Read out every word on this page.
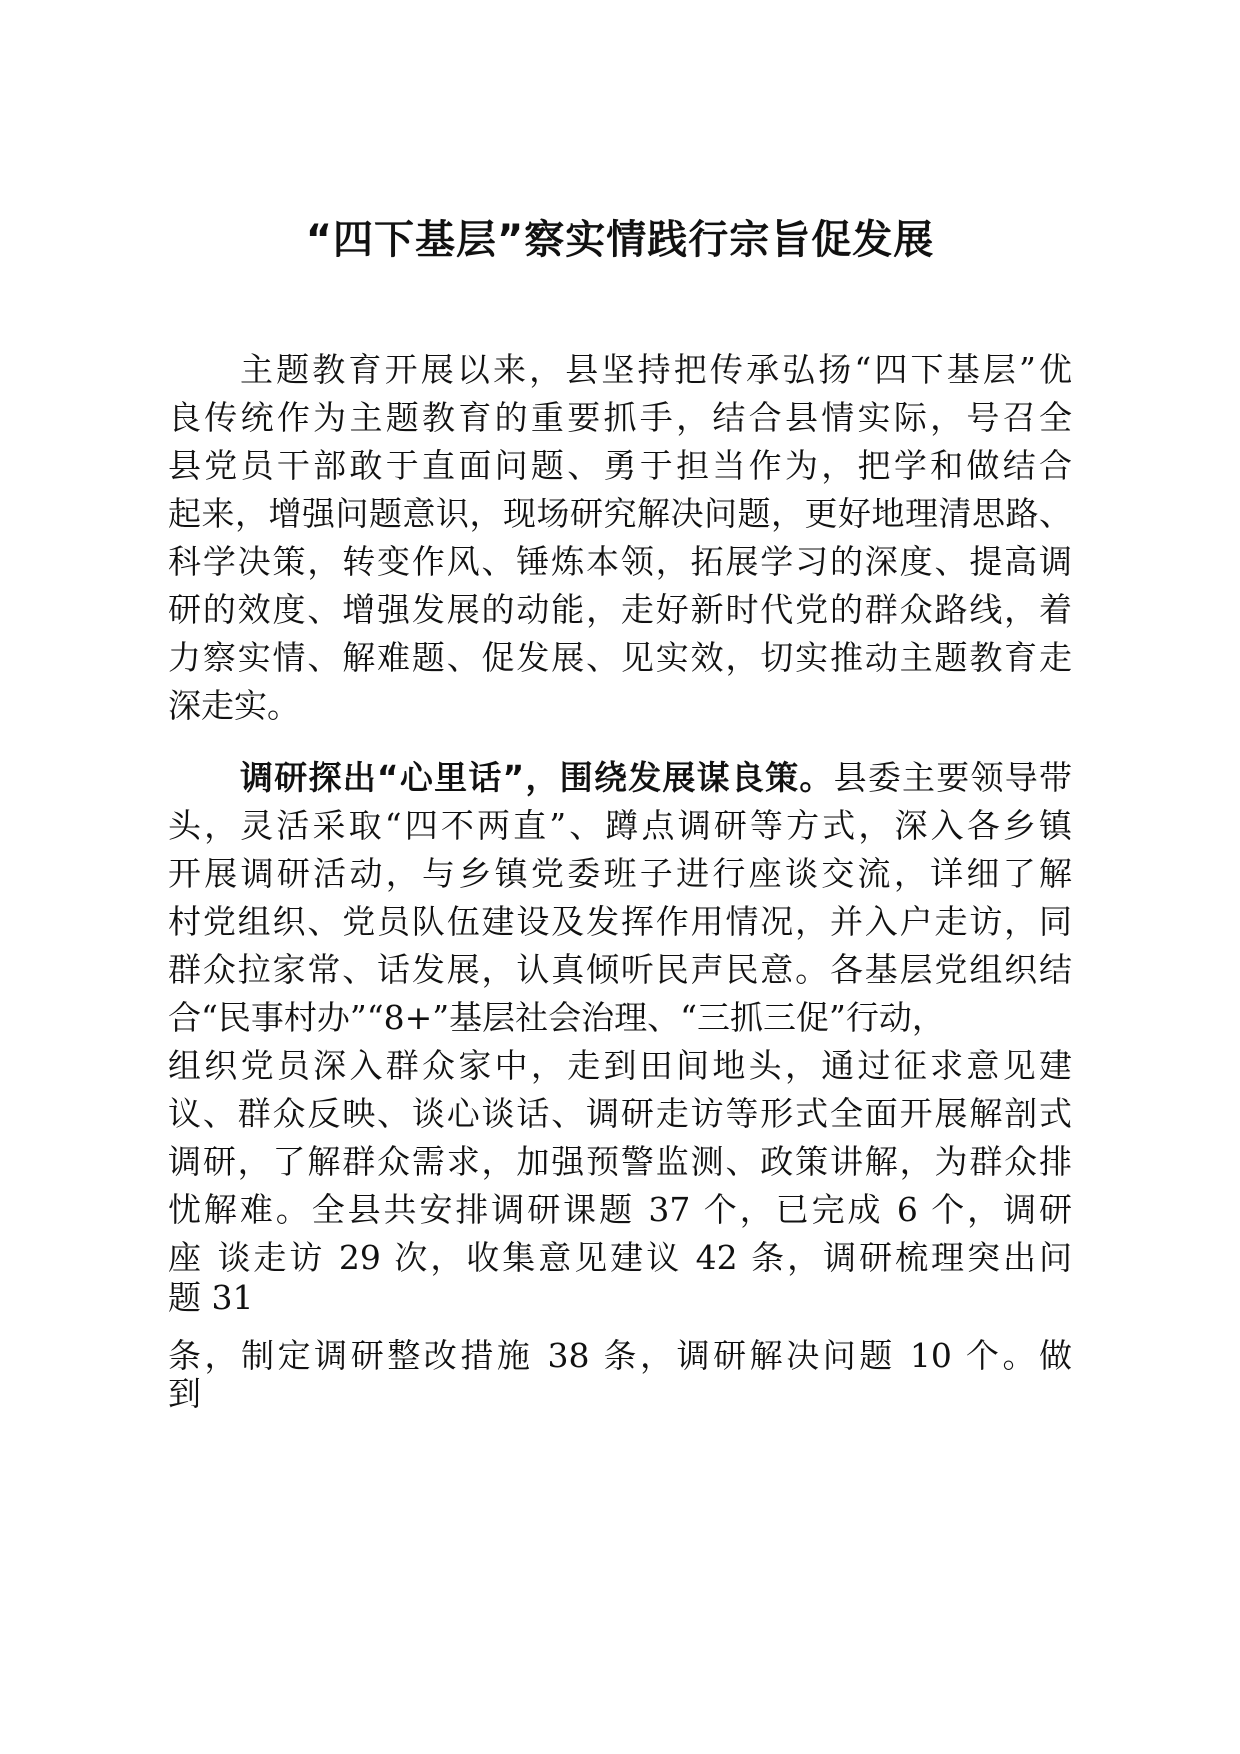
“四下基层”察实情践行宗旨促发展
主题教育开展以来，县坚持把传承弘扬“四下基层”优
良传统作为主题教育的重要抓手，结合县情实际，号召全
县党员干部敢于直面问题、勇于担当作为，把学和做结合
起来，增强问题意识，现场研究解决问题，更好地理清思路、
科学决策，转变作风、锤炼本领，拓展学习的深度、提高调
研的效度、增强发展的动能，走好新时代党的群众路线，着
力察实情、解难题、促发展、见实效，切实推动主题教育走
深走实。
调研探出“心里话”，围绕发展谋良策。县委主要领导带
头，灵活采取“四不两直”、蹲点调研等方式，深入各乡镇
开展调研活动，与乡镇党委班子进行座谈交流，详细了解
村党组织、党员队伍建设及发挥作用情况，并入户走访，同
群众拉家常、话发展，认真倾听民声民意。各基层党组织结
合“民事村办”“8+”基层社会治理、“三抓三促”行动，
组织党员深入群众家中，走到田间地头，通过征求意见建
议、群众反映、谈心谈话、调研走访等形式全面开展解剖式
调研，了解群众需求，加强预警监测、政策讲解，为群众排
忧解难。全县共安排调研课题 37 个，已完成 6 个，调研
座 谈走访 29 次，收集意见建议 42 条，调研梳理突出问
题 31
条，制定调研整改措施 38 条，调研解决问题 10 个。做
到
